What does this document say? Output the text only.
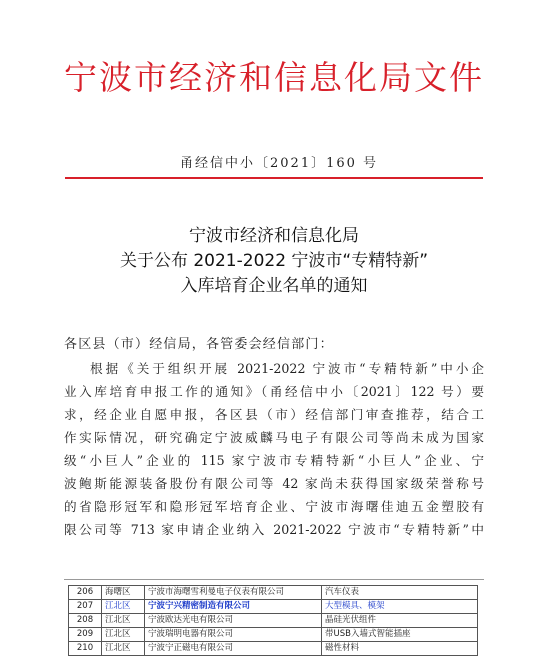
宁波市经济和信息化局文件
甬经信中小〔2021〕160 号
宁波市经济和信息化局
关于公布 2021-2022 宁波市“专精特新”
入库培育企业名单的通知
各区县（市）经信局，各管委会经信部门：
根据《关于组织开展 2021-2022 宁波市“专精特新”中小企
业入库培育申报工作的通知》（甬经信中小〔2021〕122 号）要
求，经企业自愿申报，各区县（市）经信部门审查推荐，结合工
作实际情况，研究确定宁波威麟马电子有限公司等尚未成为国家
级“小巨人”企业的 115 家宁波市专精特新“小巨人”企业、宁
波鲍斯能源装备股份有限公司等 42 家尚未获得国家级荣誉称号
的省隐形冠军和隐形冠军培育企业、宁波市海曙佳迪五金塑胶有
限公司等 713 家申请企业纳入 2021-2022 宁波市“专精特新”中
206	海曙区	宁波市海曙雪利曼电子仪表有限公司	汽车仪表
207	江北区	宁波宁兴精密制造有限公司	大型模具、模架
208	江北区	宁波欧达光电有限公司	晶硅光伏组件
209	江北区	宁波瑞明电器有限公司	带USB入墙式智能插座
210	江北区	宁波宁正磁电有限公司	磁性材料
